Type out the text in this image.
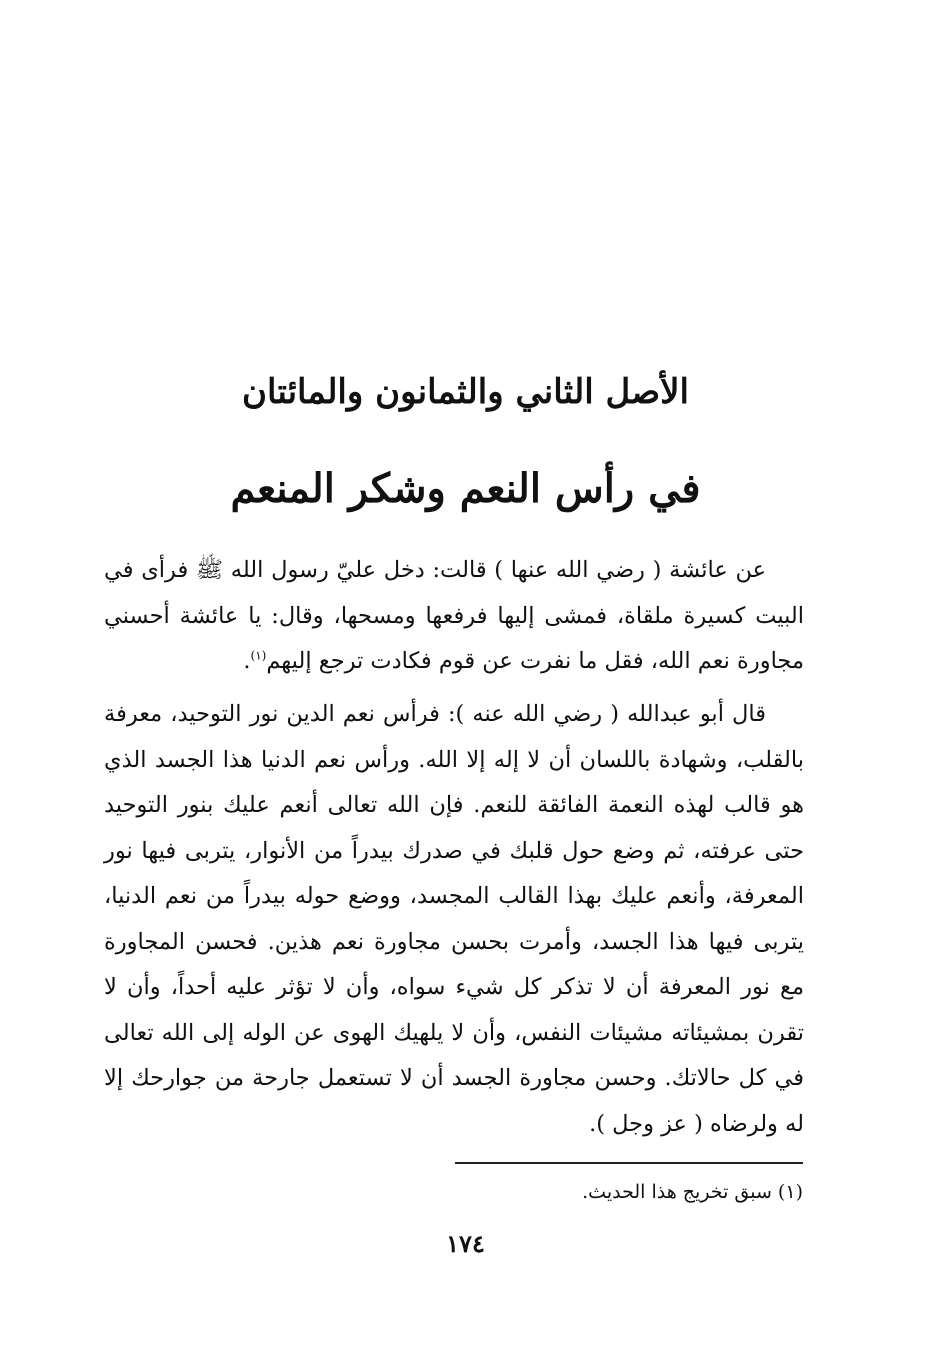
الأصل الثاني والثمانون والمائتان
في رأس النعم وشكر المنعم
عن عائشة ( رضي الله عنها ) قالت: دخل عليّ رسول الله ﷺ فرأى في البيت كسيرة ملقاة، فمشى إليها فرفعها ومسحها، وقال: يا عائشة أحسني مجاورة نعم الله، فقل ما نفرت عن قوم فكادت ترجع إليهم$^{(١)}$.
قال أبو عبدالله ( رضي الله عنه ): فرأس نعم الدين نور التوحيد، معرفة بالقلب، وشهادة باللسان أن لا إله إلا الله. ورأس نعم الدنيا هذا الجسد الذي هو قالب لهذه النعمة الفائقة للنعم. فإن الله تعالى أنعم عليك بنور التوحيد حتى عرفته، ثم وضع حول قلبك في صدرك بيدراً من الأنوار، يتربى فيها نور المعرفة، وأنعم عليك بهذا القالب المجسد، ووضع حوله بيدراً من نعم الدنيا، يتربى فيها هذا الجسد، وأمرت بحسن مجاورة نعم هذين. فحسن المجاورة مع نور المعرفة أن لا تذكر كل شيء سواه، وأن لا تؤثر عليه أحداً، وأن لا تقرن بمشيئاته مشيئات النفس، وأن لا يلهيك الهوى عن الوله إلى الله تعالى في كل حالاتك. وحسن مجاورة الجسد أن لا تستعمل جارحة من جوارحك إلا له ولرضاه ( عز وجل ).
(١) سبق تخريج هذا الحديث.
١٧٤
